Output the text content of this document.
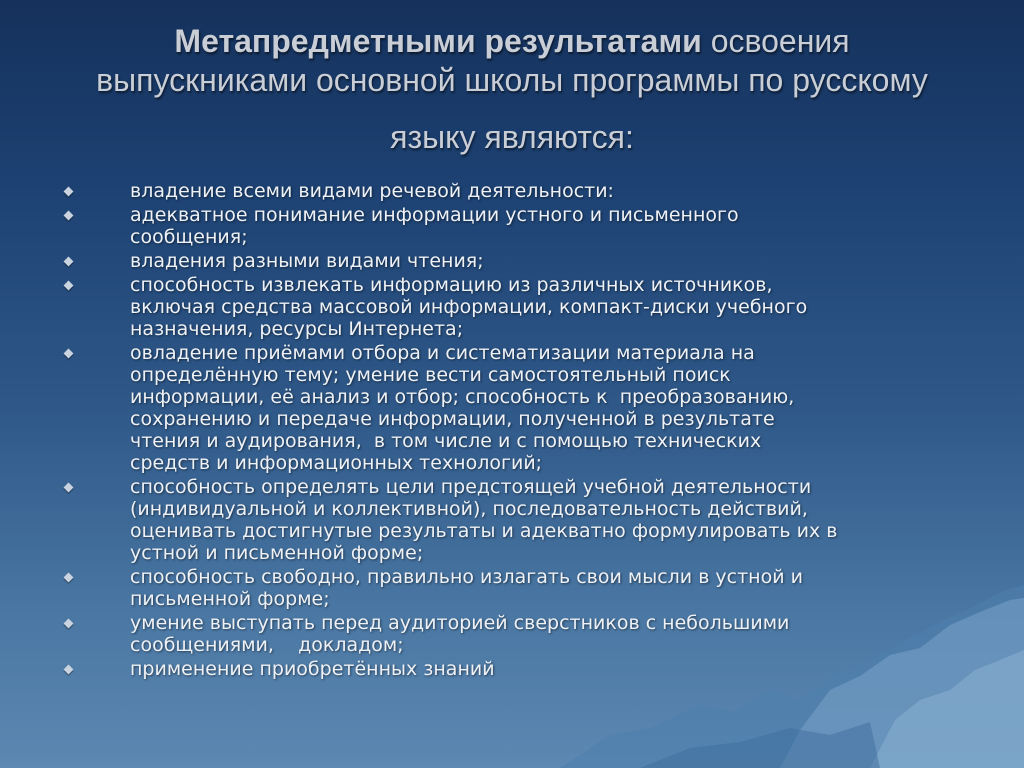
Метапредметными результатами освоения
выпускниками основной школы программы по русскому
языку являются:
владение всеми видами речевой деятельности:
адекватное понимание информации устного и письменного
сообщения;
владения разными видами чтения;
способность извлекать информацию из различных источников,
включая средства массовой информации, компакт-диски учебного
назначения, ресурсы Интернета;
овладение приёмами отбора и систематизации материала на
определённую тему; умение вести самостоятельный поиск
информации, её анализ и отбор; способность к  преобразованию,
сохранению и передаче информации, полученной в результате
чтения и аудирования,  в том числе и с помощью технических
средств и информационных технологий;
способность определять цели предстоящей учебной деятельности
(индивидуальной и коллективной), последовательность действий,
оценивать достигнутые результаты и адекватно формулировать их в
устной и письменной форме;
способность свободно, правильно излагать свои мысли в устной и
письменной форме;
умение выступать перед аудиторией сверстников с небольшими
сообщениями,    докладом;
применение приобретённых знаний
